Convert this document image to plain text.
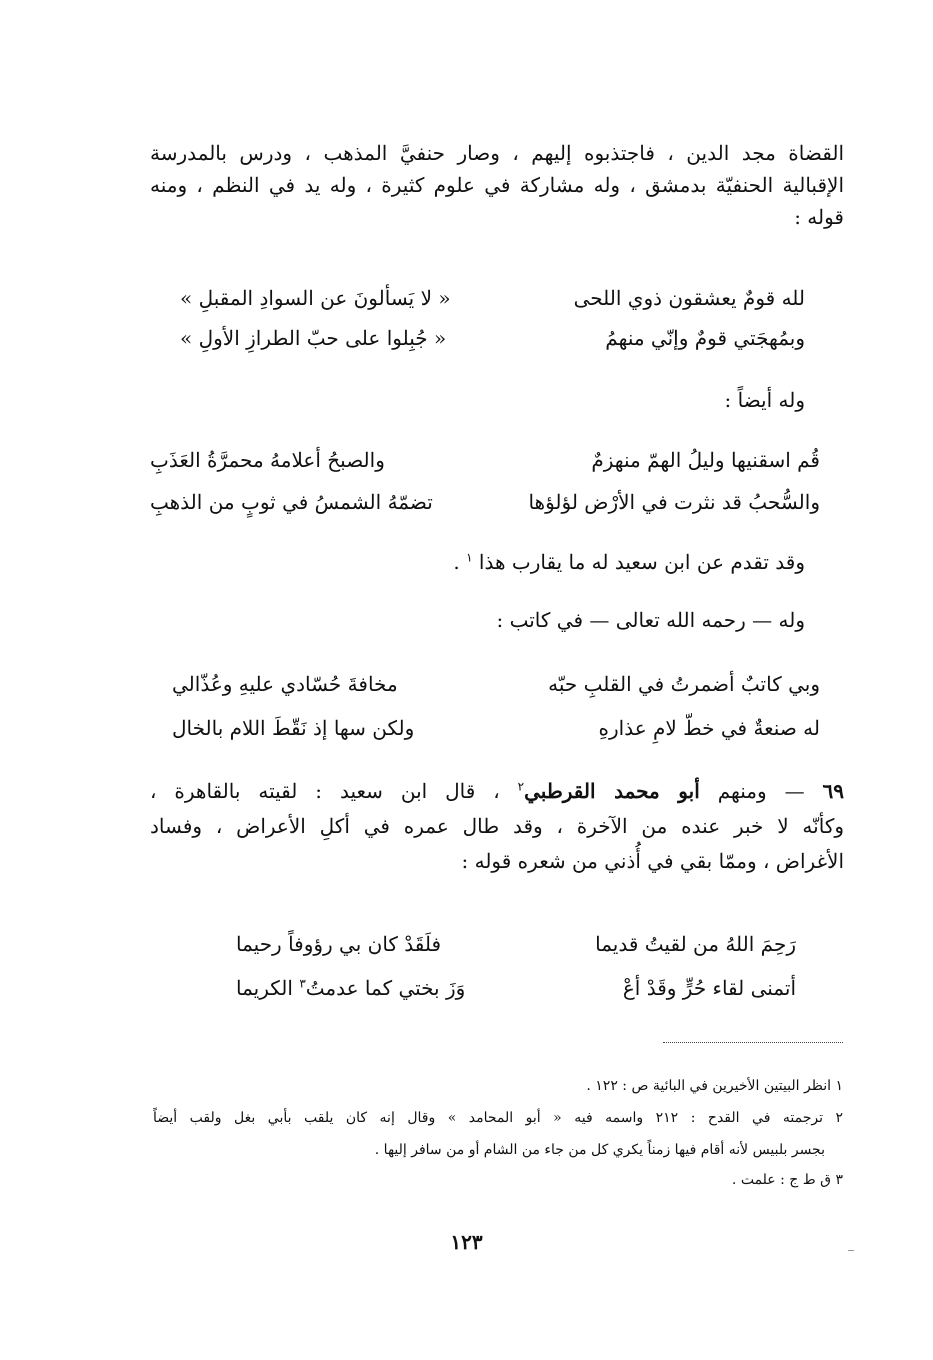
القضاة مجد الدين ، فاجتذبوه إليهم ، وصار حنفيَّ المذهب ، ودرس بالمدرسة
الإقبالية الحنفيّة بدمشق ، وله مشاركة في علوم كثيرة ، وله يد في النظم ، ومنه
قوله :
لله قومٌ يعشقون ذوي اللحى
« لا يَسألونَ عن السوادِ المقبلِ »
وبمُهجَتي قومٌ وإنّي منهمُ
« جُبِلوا على حبّ الطرازِ الأولِ »
وله أيضاً :
قُم اسقنيها وليلُ الهمّ منهزمٌ
والصبحُ أعلامهُ محمرَّةُ العَذَبِ
والسُّحبُ قد نثرت في الأرْض لؤلؤها
تضمّهُ الشمسُ في ثوبٍ من الذهبِ
وقد تقدم عن ابن سعيد له ما يقارب هذا $^١$ .
وله — رحمه الله تعالى — في كاتب :
وبي كاتبٌ أضمرتُ في القلبِ حبّه
مخافةَ حُسّادي عليهِ وعُذّالي
له صنعةٌ في خطّ لامِ عذارهِ
ولكن سها إذ نَقّطَ اللام بالخال
٦٩ — ومنهم أبو محمد القرطبي$^٢$ ، قال ابن سعيد : لقيته بالقاهرة ،
وكأنّه لا خبر عنده من الآخرة ، وقد طال عمره في أكلِ الأعراض ، وفساد
الأغراض ، وممّا بقي في أُذني من شعره قوله :
رَحِمَ اللهُ من لقيتُ قديما
فلَقَدْ كان بي رؤوفاً رحيما
أتمنى لقاء حُرٍّ وقَدْ أعْ
وَزَ بختي كما عدمتُ$^٣$ الكريما
١ انظر البيتين الأخيرين في البائية ص : ١٢٢ .
٢ ترجمته في القدح : ٢١٢ واسمه فيه « أبو المحامد » وقال إنه كان يلقب بأبي بغل ولقب أيضاً
بجسر بلبيس لأنه أقام فيها زمناً يكري كل من جاء من الشام أو من سافر إليها .
٣ ق ط ج : علمت .
١٢٣
